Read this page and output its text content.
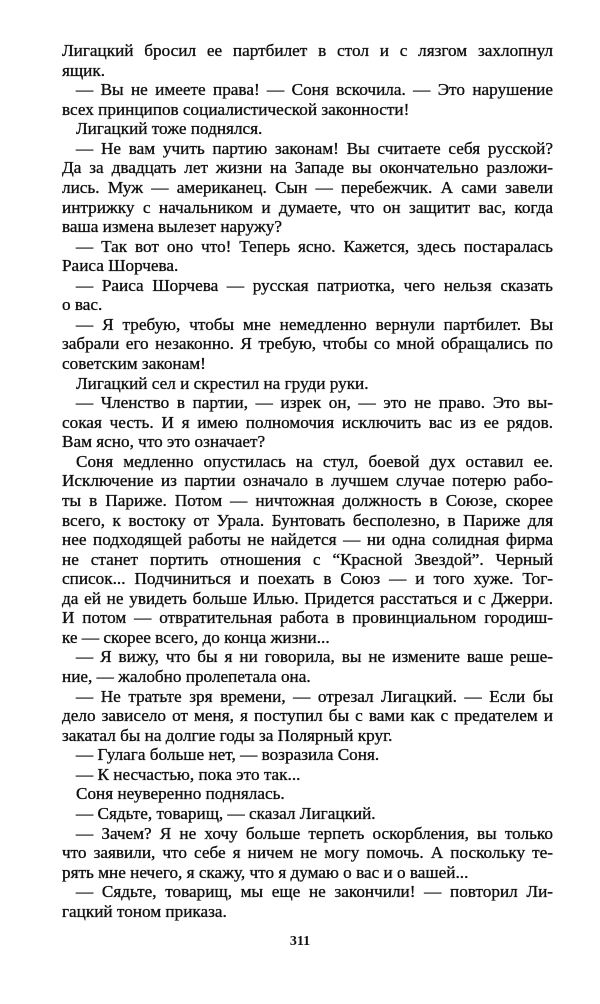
Лигацкий бросил ее партбилет в стол и с лязгом захлопнул
ящик.
— Вы не имеете права! — Соня вскочила. — Это нарушение
всех принципов социалистической законности!
Лигацкий тоже поднялся.
— Не вам учить партию законам! Вы считаете себя русской?
Да за двадцать лет жизни на Западе вы окончательно разложи-
лись. Муж — американец. Сын — перебежчик. А сами завели
интрижку с начальником и думаете, что он защитит вас, когда
ваша измена вылезет наружу?
— Так вот оно что! Теперь ясно. Кажется, здесь постаралась
Раиса Шорчева.
— Раиса Шорчева — русская патриотка, чего нельзя сказать
о вас.
— Я требую, чтобы мне немедленно вернули партбилет. Вы
забрали его незаконно. Я требую, чтобы со мной обращались по
советским законам!
Лигацкий сел и скрестил на груди руки.
— Членство в партии, — изрек он, — это не право. Это вы-
сокая честь. И я имею полномочия исключить вас из ее рядов.
Вам ясно, что это означает?
Соня медленно опустилась на стул, боевой дух оставил ее.
Исключение из партии означало в лучшем случае потерю рабо-
ты в Париже. Потом — ничтожная должность в Союзе, скорее
всего, к востоку от Урала. Бунтовать бесполезно, в Париже для
нее подходящей работы не найдется — ни одна солидная фирма
не станет портить отношения с “Красной Звездой”. Черный
список... Подчиниться и поехать в Союз — и того хуже. Тог-
да ей не увидеть больше Илью. Придется расстаться и с Джерри.
И потом — отвратительная работа в провинциальном городиш-
ке — скорее всего, до конца жизни...
— Я вижу, что бы я ни говорила, вы не измените ваше реше-
ние, — жалобно пролепетала она.
— Не тратьте зря времени, — отрезал Лигацкий. — Если бы
дело зависело от меня, я поступил бы с вами как с предателем и
закатал бы на долгие годы за Полярный круг.
— Гулага больше нет, — возразила Соня.
— К несчастью, пока это так...
Соня неуверенно поднялась.
— Сядьте, товарищ, — сказал Лигацкий.
— Зачем? Я не хочу больше терпеть оскорбления, вы только
что заявили, что себе я ничем не могу помочь. А поскольку те-
рять мне нечего, я скажу, что я думаю о вас и о вашей...
— Сядьте, товарищ, мы еще не закончили! — повторил Ли-
гацкий тоном приказа.
311
